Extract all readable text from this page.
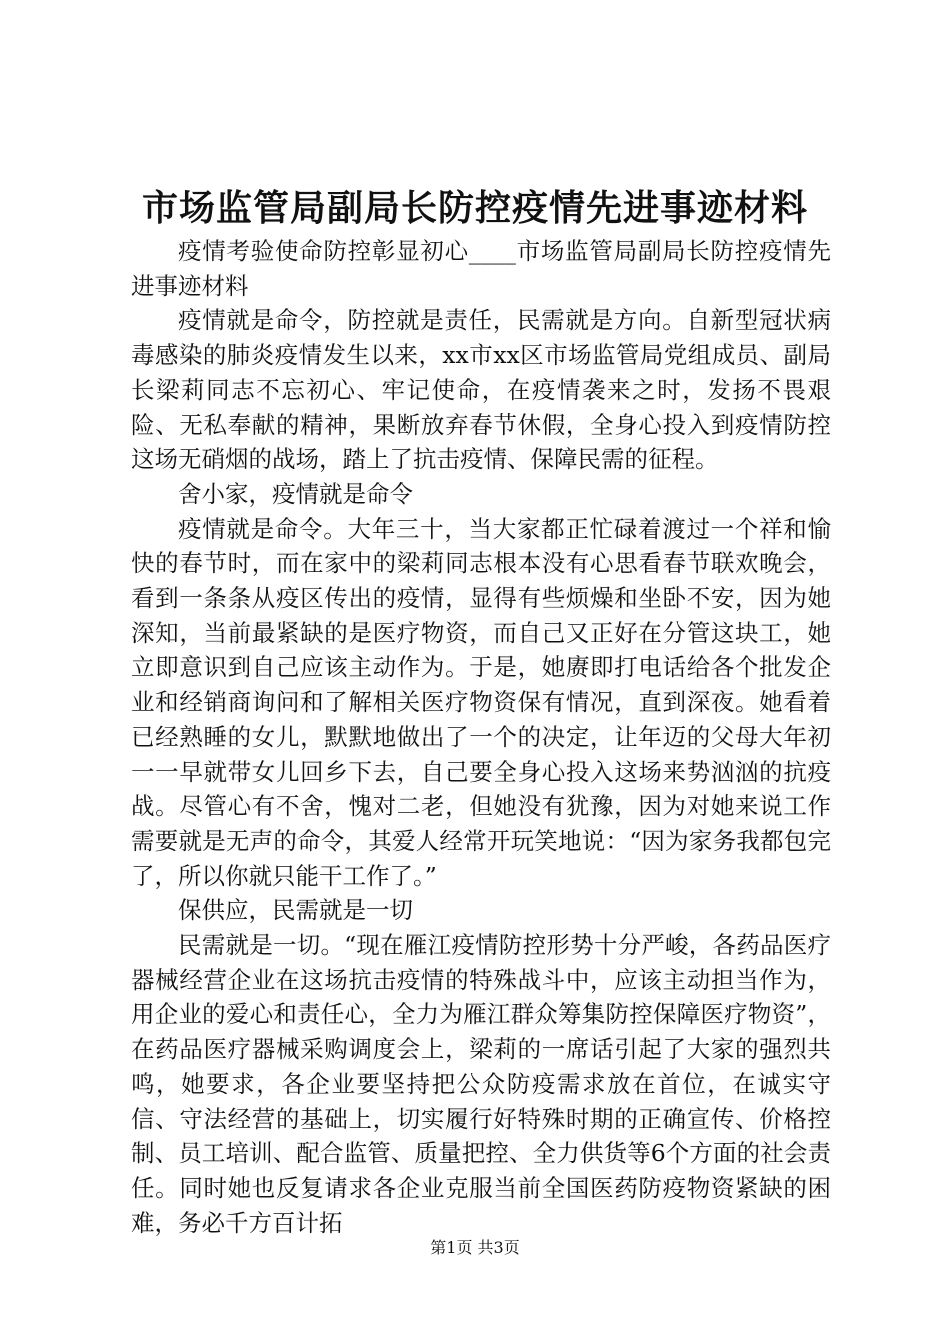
市场监管局副局长防控疫情先进事迹材料

疫情考验使命防控彰显初心____市场监管局副局长防控疫情先进事迹材料

疫情就是命令，防控就是责任，民需就是方向。自新型冠状病毒感染的肺炎疫情发生以来，xx市xx区市场监管局党组成员、副局长梁莉同志不忘初心、牢记使命，在疫情袭来之时，发扬不畏艰险、无私奉献的精神，果断放弃春节休假，全身心投入到疫情防控这场无硝烟的战场，踏上了抗击疫情、保障民需的征程。

舍小家，疫情就是命令

疫情就是命令。大年三十，当大家都正忙碌着渡过一个祥和愉快的春节时，而在家中的梁莉同志根本没有心思看春节联欢晚会，看到一条条从疫区传出的疫情，显得有些烦燥和坐卧不安，因为她深知，当前最紧缺的是医疗物资，而自己又正好在分管这块工，她立即意识到自己应该主动作为。于是，她赓即打电话给各个批发企业和经销商询问和了解相关医疗物资保有情况，直到深夜。她看着已经熟睡的女儿，默默地做出了一个的决定，让年迈的父母大年初一一早就带女儿回乡下去，自己要全身心投入这场来势汹汹的抗疫战。尽管心有不舍，愧对二老，但她没有犹豫，因为对她来说工作需要就是无声的命令，其爱人经常开玩笑地说：“因为家务我都包完了，所以你就只能干工作了。”

保供应，民需就是一切

民需就是一切。“现在雁江疫情防控形势十分严峻，各药品医疗器械经营企业在这场抗击疫情的特殊战斗中，应该主动担当作为，用企业的爱心和责任心，全力为雁江群众筹集防控保障医疗物资”，在药品医疗器械采购调度会上，梁莉的一席话引起了大家的强烈共鸣，她要求，各企业要坚持把公众防疫需求放在首位，在诚实守信、守法经营的基础上，切实履行好特殊时期的正确宣传、价格控制、员工培训、配合监管、质量把控、全力供货等6个方面的社会责任。同时她也反复请求各企业克服当前全国医药防疫物资紧缺的困难，务必千方百计拓

第1页 共3页
